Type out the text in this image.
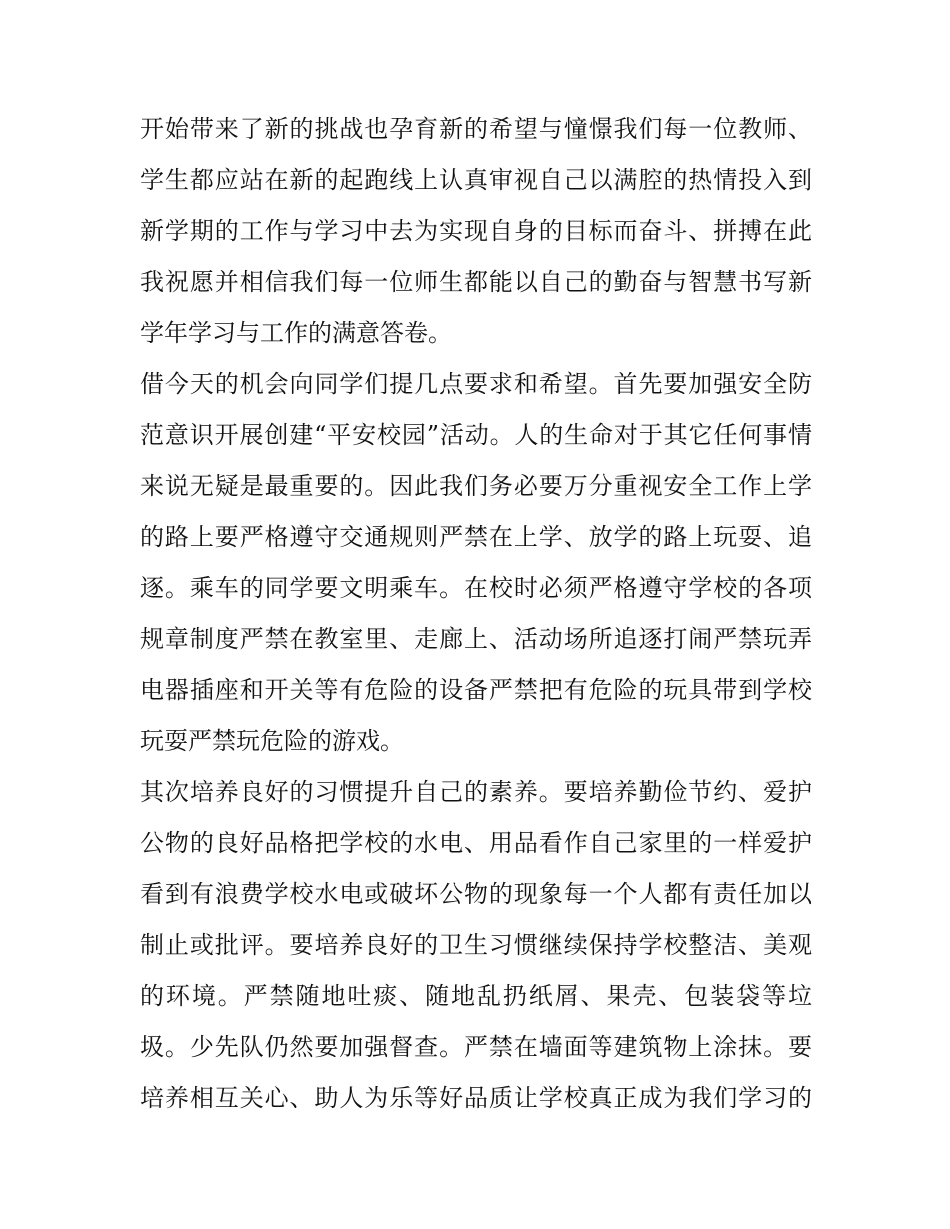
开始带来了新的挑战也孕育新的希望与憧憬我们每一位教师、
学生都应站在新的起跑线上认真审视自己以满腔的热情投入到
新学期的工作与学习中去为实现自身的目标而奋斗、拼搏在此
我祝愿并相信我们每一位师生都能以自己的勤奋与智慧书写新
学年学习与工作的满意答卷。
借今天的机会向同学们提几点要求和希望。首先要加强安全防
范意识开展创建“平安校园”活动。人的生命对于其它任何事情
来说无疑是最重要的。因此我们务必要万分重视安全工作上学
的路上要严格遵守交通规则严禁在上学、放学的路上玩耍、追
逐。乘车的同学要文明乘车。在校时必须严格遵守学校的各项
规章制度严禁在教室里、走廊上、活动场所追逐打闹严禁玩弄
电器插座和开关等有危险的设备严禁把有危险的玩具带到学校
玩耍严禁玩危险的游戏。
其次培养良好的习惯提升自己的素养。要培养勤俭节约、爱护
公物的良好品格把学校的水电、用品看作自己家里的一样爱护
看到有浪费学校水电或破坏公物的现象每一个人都有责任加以
制止或批评。要培养良好的卫生习惯继续保持学校整洁、美观
的环境。严禁随地吐痰、随地乱扔纸屑、果壳、包装袋等垃
圾。少先队仍然要加强督查。严禁在墙面等建筑物上涂抹。要
培养相互关心、助人为乐等好品质让学校真正成为我们学习的
